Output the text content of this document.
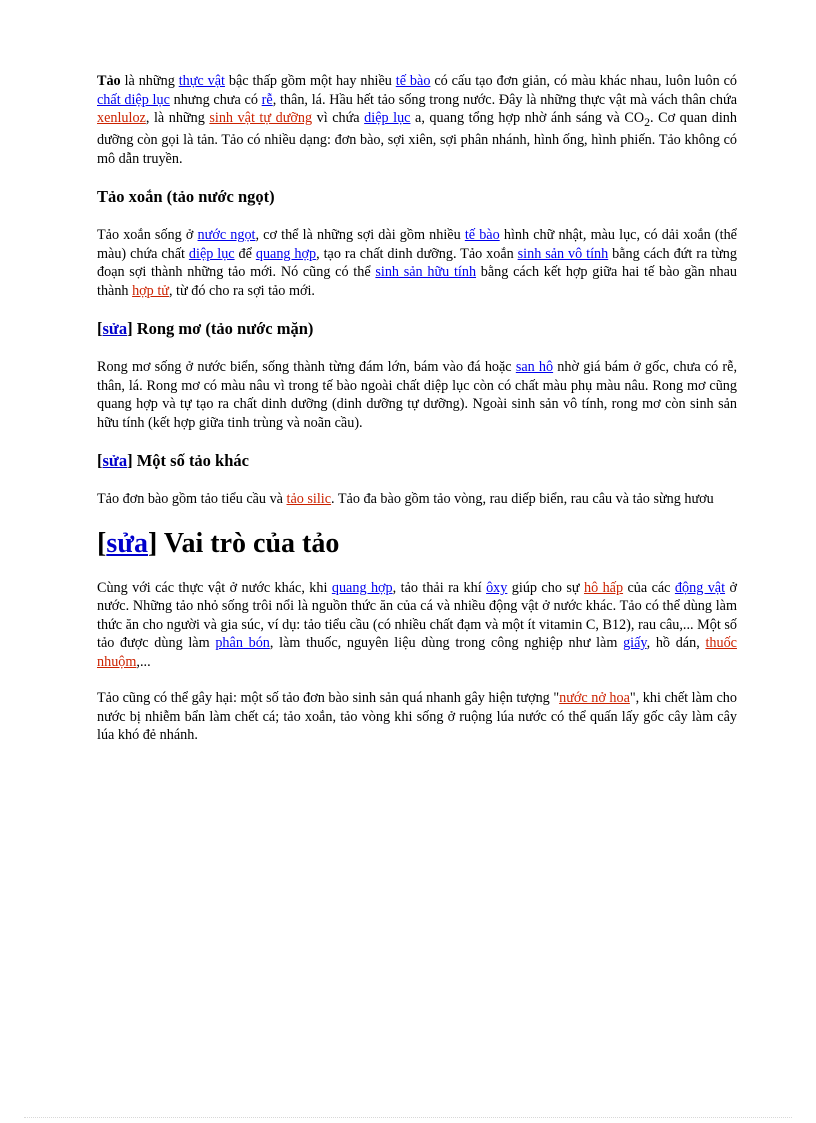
Tảo là những thực vật bậc thấp gồm một hay nhiều tế bào có cấu tạo đơn giản, có màu khác nhau, luôn luôn có chất diệp lục nhưng chưa có rễ, thân, lá. Hầu hết tảo sống trong nước. Đây là những thực vật mà vách thân chứa xenluloz, là những sinh vật tự dưỡng vì chứa diệp lục a, quang tổng hợp nhờ ánh sáng và $CO_2$. Cơ quan dinh dưỡng còn gọi là tản. Tảo có nhiều dạng: đơn bào, sợi xiên, sợi phân nhánh, hình ống, hình phiến. Tảo không có mô dẫn truyền.

Tảo xoắn (tảo nước ngọt)

Tảo xoắn sống ở nước ngọt, cơ thể là những sợi dài gồm nhiều tế bào hình chữ nhật, màu lục, có dải xoắn (thể màu) chứa chất diệp lục để quang hợp, tạo ra chất dinh dưỡng. Tảo xoắn sinh sản vô tính bằng cách đứt ra từng đoạn sợi thành những tảo mới. Nó cũng có thể sinh sản hữu tính bằng cách kết hợp giữa hai tế bào gần nhau thành hợp tử, từ đó cho ra sợi tảo mới.

[sửa] Rong mơ (tảo nước mặn)

Rong mơ sống ở nước biển, sống thành từng đám lớn, bám vào đá hoặc san hô nhờ giá bám ở gốc, chưa có rễ, thân, lá. Rong mơ có màu nâu vì trong tế bào ngoài chất diệp lục còn có chất màu phụ màu nâu. Rong mơ cũng quang hợp và tự tạo ra chất dinh dưỡng (dinh dưỡng tự dưỡng). Ngoài sinh sản vô tính, rong mơ còn sinh sản hữu tính (kết hợp giữa tinh trùng và noãn cầu).

[sửa] Một số tảo khác

Tảo đơn bào gồm tảo tiểu cầu và tảo silic. Tảo đa bào gồm tảo vòng, rau diếp biển, rau câu và tảo sừng hươu

[sửa] Vai trò của tảo

Cùng với các thực vật ở nước khác, khi quang hợp, tảo thải ra khí ôxy giúp cho sự hô hấp của các động vật ở nước. Những tảo nhỏ sống trôi nổi là nguồn thức ăn của cá và nhiều động vật ở nước khác. Tảo có thể dùng làm thức ăn cho người và gia súc, ví dụ: tảo tiểu cầu (có nhiều chất đạm và một ít vitamin C, B12), rau câu,... Một số tảo được dùng làm phân bón, làm thuốc, nguyên liệu dùng trong công nghiệp như làm giấy, hồ dán, thuốc nhuộm,...

Tảo cũng có thể gây hại: một số tảo đơn bào sinh sản quá nhanh gây hiện tượng "nước nở hoa", khi chết làm cho nước bị nhiễm bẩn làm chết cá; tảo xoắn, tảo vòng khi sống ở ruộng lúa nước có thể quấn lấy gốc cây làm cây lúa khó đẻ nhánh.
